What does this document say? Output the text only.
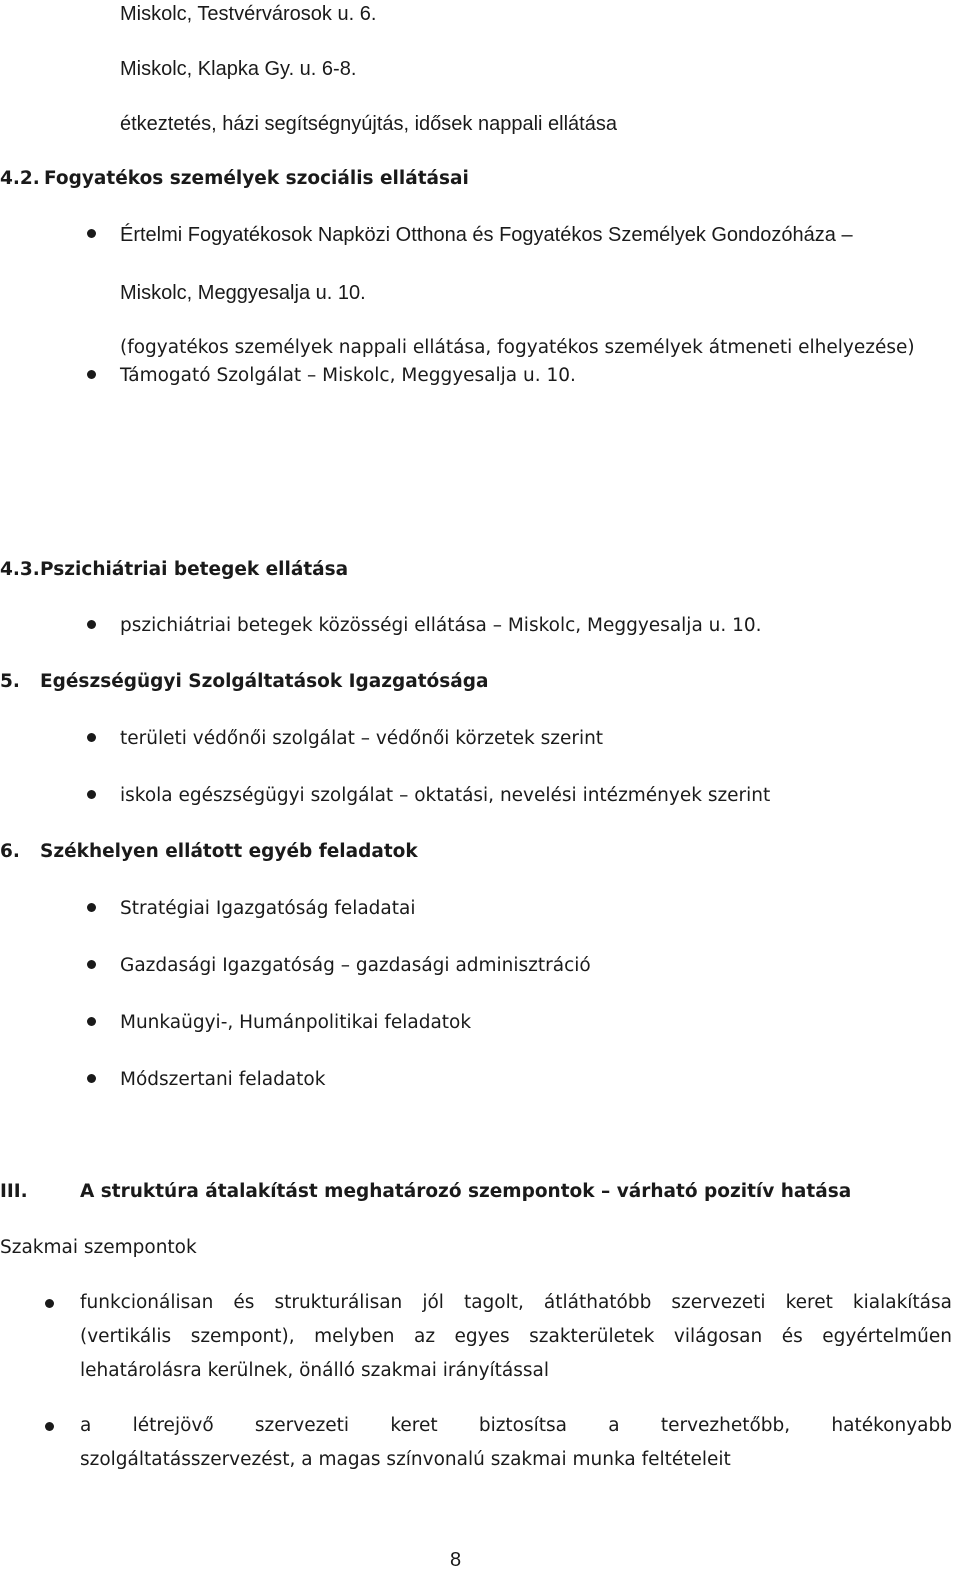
Miskolc, Testvérvárosok u. 6.
Miskolc, Klapka Gy. u. 6-8.
étkeztetés, házi segítségnyújtás, idősek nappali ellátása
4.2. Fogyatékos személyek szociális ellátásai
Értelmi Fogyatékosok Napközi Otthona és Fogyatékos Személyek Gondozóháza –
Miskolc, Meggyesalja u. 10.
(fogyatékos személyek nappali ellátása, fogyatékos személyek átmeneti elhelyezése)
Támogató Szolgálat – Miskolc, Meggyesalja u. 10.
4.3. Pszichiátriai betegek ellátása
pszichiátriai betegek közösségi ellátása – Miskolc, Meggyesalja u. 10.
5. Egészségügyi Szolgáltatások Igazgatósága
területi védőnői szolgálat – védőnői körzetek szerint
iskola egészségügyi szolgálat – oktatási, nevelési intézmények szerint
6. Székhelyen ellátott egyéb feladatok
Stratégiai Igazgatóság feladatai
Gazdasági Igazgatóság – gazdasági adminisztráció
Munkaügyi-, Humánpolitikai feladatok
Módszertani feladatok
III.	A struktúra átalakítást meghatározó szempontok – várható pozitív hatása
Szakmai szempontok
funkcionálisan és strukturálisan jól tagolt, átláthatóbb szervezeti keret kialakítása
(vertikális szempont), melyben az egyes szakterületek világosan és egyértelműen
lehatárolásra kerülnek, önálló szakmai irányítással
a létrejövő szervezeti keret biztosítsa a tervezhetőbb, hatékonyabb
szolgáltatásszervezést, a magas színvonalú szakmai munka feltételeit
8
